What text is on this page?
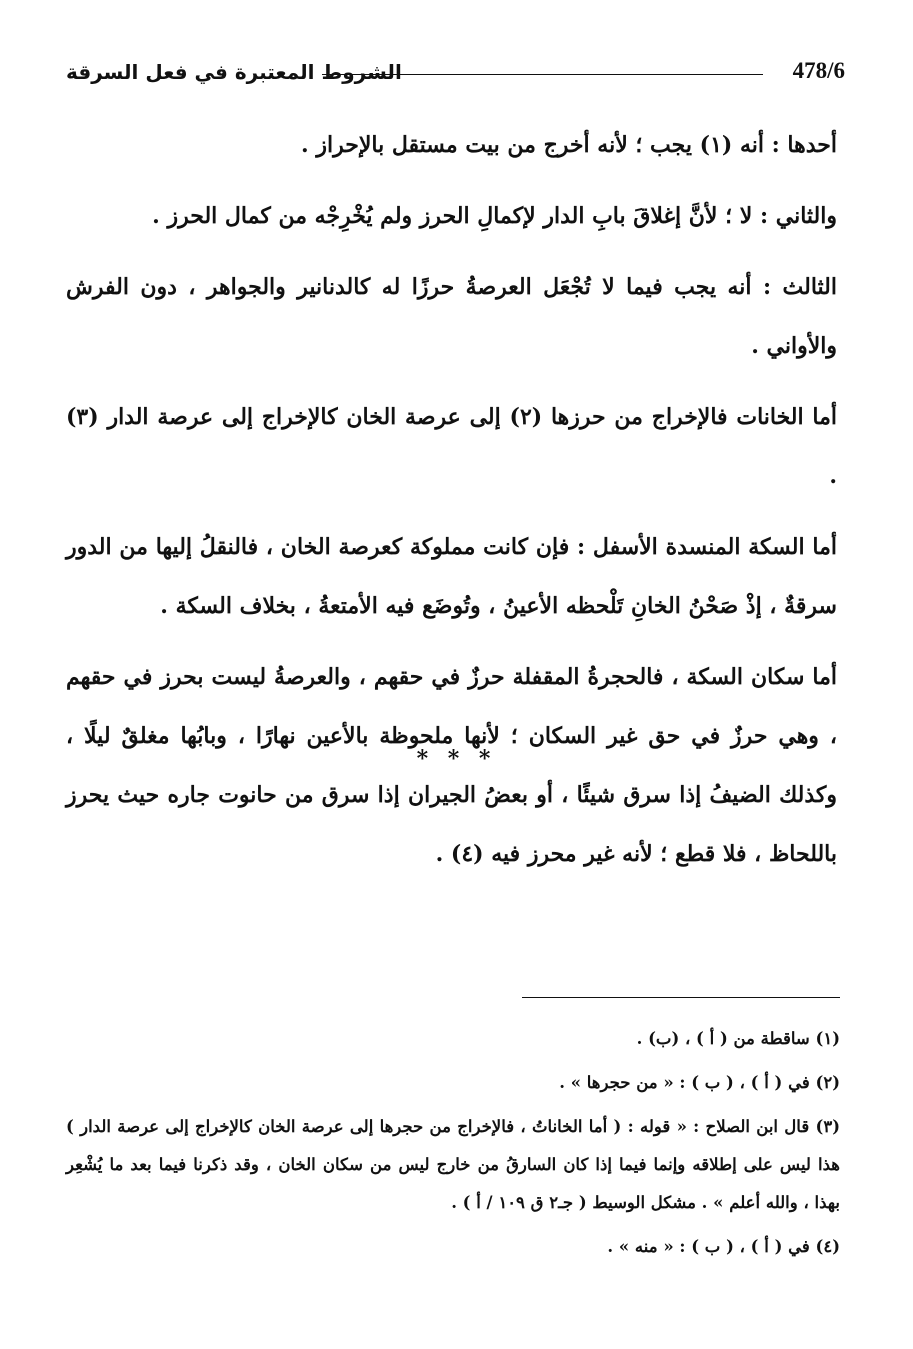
الشروط المعتبرة في فعل السرقة	478/6

أحدها : أنه (١) يجب ؛ لأنه أخرج من بيت مستقل بالإحراز .

والثاني : لا ؛ لأنَّ إغلاقَ بابِ الدار لإكمالِ الحرز ولم يُخْرِجْه من كمال الحرز .

الثالث : أنه يجب فيما لا تُجْعَل العرصةُ حرزًا له كالدنانير والجواهر ، دون الفرش والأواني .

أما الخانات فالإخراج من حرزها (٢) إلى عرصة الخان كالإخراج إلى عرصة الدار (٣) .

أما السكة المنسدة الأسفل : فإن كانت مملوكة كعرصة الخان ، فالنقلُ إليها من الدور سرقةٌ ، إذْ صَحْنُ الخانِ تَلْحظه الأعينُ ، وتُوضَع فيه الأمتعةُ ، بخلاف السكة .

أما سكان السكة ، فالحجرةُ المقفلة حرزٌ في حقهم ، والعرصةُ ليست بحرز في حقهم ، وهي حرزٌ في حق غير السكان ؛ لأنها ملحوظة بالأعين نهارًا ، وبابُها مغلقٌ ليلًا ، وكذلك الضيفُ إذا سرق شيئًا ، أو بعضُ الجيران إذا سرق من حانوت جاره حيث يحرز باللحاظ ، فلا قطع ؛ لأنه غير محرز فيه (٤) .

* * *

(١) ساقطة من ( أ ) ، (ب) .

(٢) في ( أ ) ، ( ب ) : « من حجرها » .

(٣) قال ابن الصلاح : « قوله : ( أما الخاناتُ ، فالإخراج من حجرها إلى عرصة الخان كالإخراج إلى عرصة الدار ) هذا ليس على إطلاقه وإنما فيما إذا كان السارقُ من خارج ليس من سكان الخان ، وقد ذكرنا فيما بعد ما يُشْعِر بهذا ، والله أعلم » . مشكل الوسيط ( جـ٢ ق ١٠٩ / أ ) .

(٤) في ( أ ) ، ( ب ) : « منه » .
